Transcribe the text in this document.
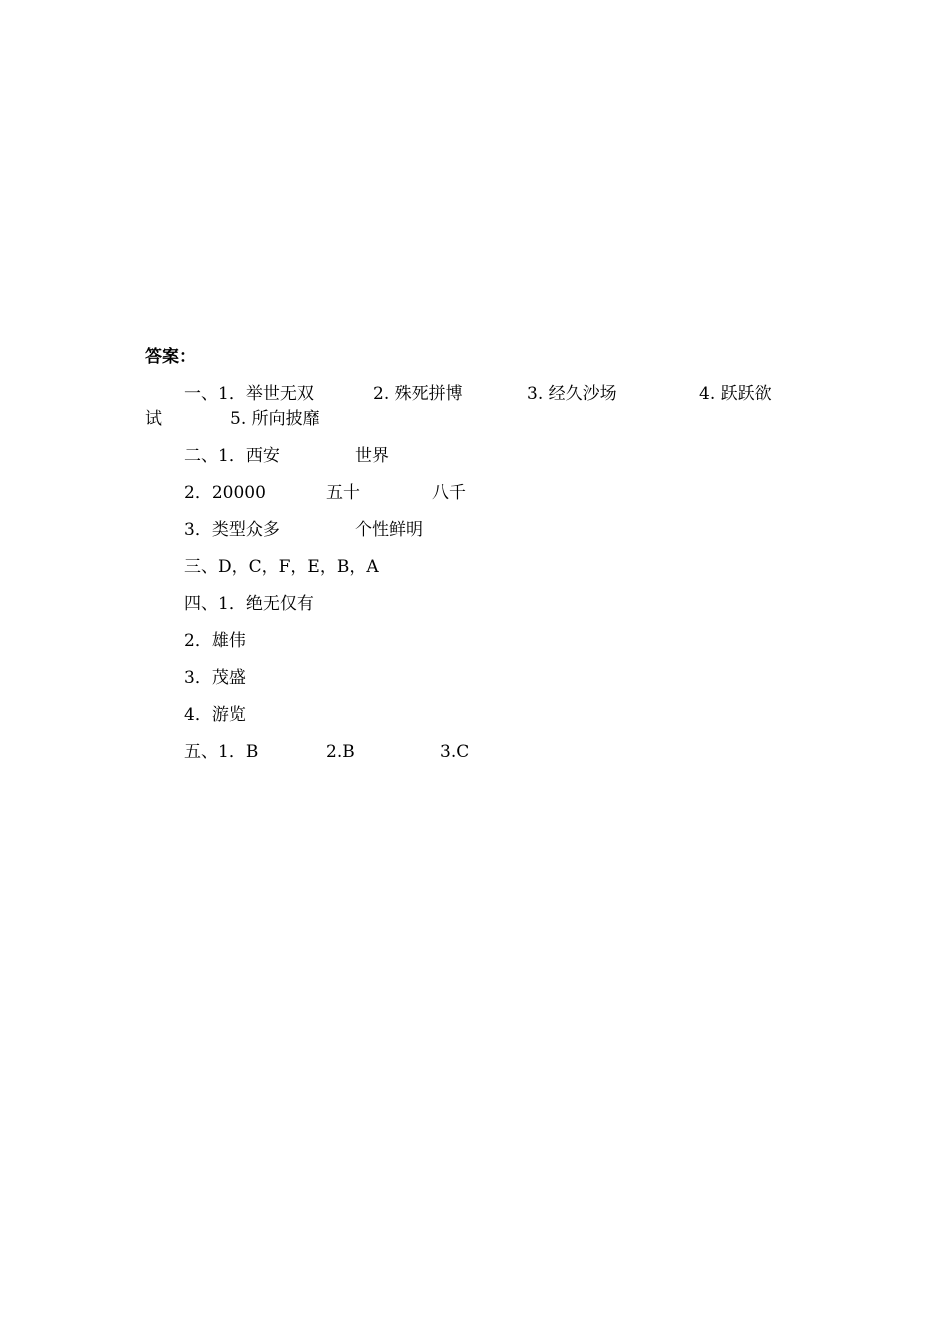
答案：
一、1．举世无双	2. 殊死拼博	3. 经久沙场	4. 跃跃欲
试	5. 所向披靡
二、1．西安	世界
2．20000	五十	八千
3．类型众多	个性鲜明
三、D，C，F，E，B，A
四、1．绝无仅有
2．雄伟
3．茂盛
4．游览
五、1．B	2.B	3.C
